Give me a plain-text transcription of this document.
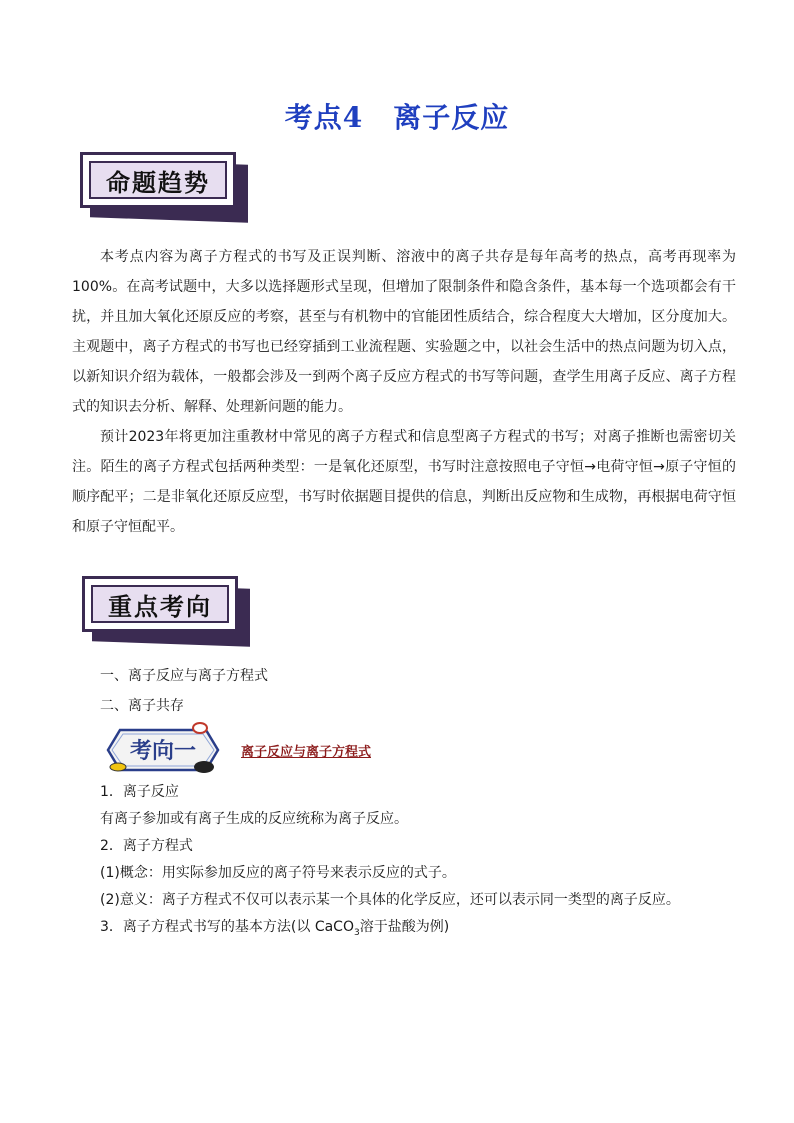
考点4 离子反应
命题趋势

本考点内容为离子方程式的书写及正误判断、溶液中的离子共存是每年高考的热点，高考再现率为100%。在高考试题中，大多以选择题形式呈现，但增加了限制条件和隐含条件，基本每一个选项都会有干扰，并且加大氧化还原反应的考察，甚至与有机物中的官能团性质结合，综合程度大大增加，区分度加大。主观题中，离子方程式的书写也已经穿插到工业流程题、实验题之中，以社会生活中的热点问题为切入点，以新知识介绍为载体，一般都会涉及一到两个离子反应方程式的书写等问题，查学生用离子反应、离子方程式的知识去分析、解释、处理新问题的能力。

预计2023年将更加注重教材中常见的离子方程式和信息型离子方程式的书写；对离子推断也需密切关注。陌生的离子方程式包括两种类型：一是氧化还原型，书写时注意按照电子守恒→电荷守恒→原子守恒的顺序配平；二是非氧化还原反应型，书写时依据题目提供的信息，判断出反应物和生成物，再根据电荷守恒和原子守恒配平。

重点考向
一、离子反应与离子方程式
二、离子共存
考向一	离子反应与离子方程式
1．离子反应
有离子参加或有离子生成的反应统称为离子反应。
2．离子方程式
(1)概念：用实际参加反应的离子符号来表示反应的式子。
(2)意义：离子方程式不仅可以表示某一个具体的化学反应，还可以表示同一类型的离子反应。
3．离子方程式书写的基本方法(以 CaCO$_3$溶于盐酸为例)
